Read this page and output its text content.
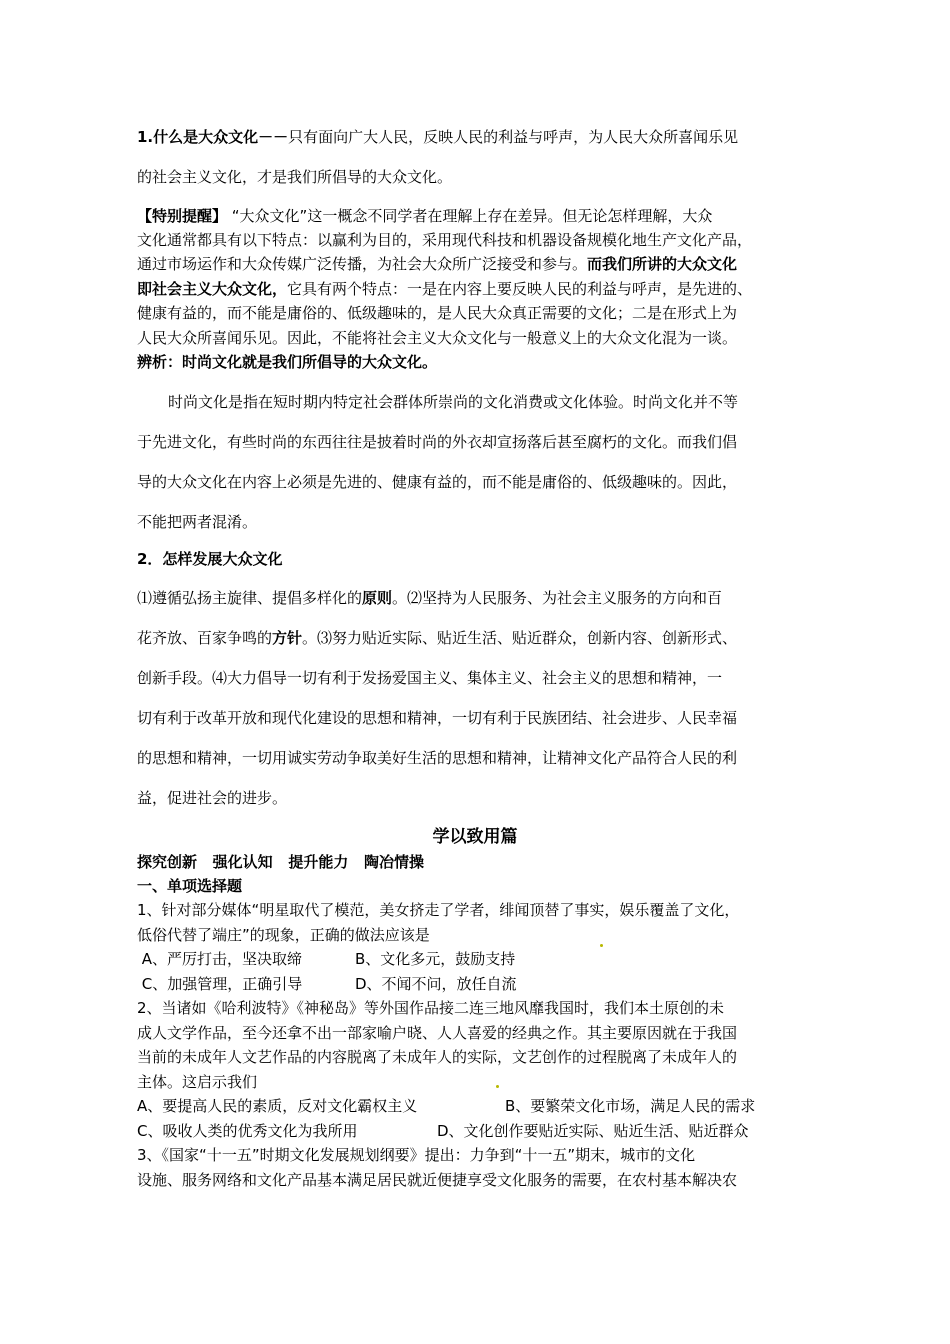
1.什么是大众文化－－只有面向广大人民，反映人民的利益与呼声，为人民大众所喜闻乐见
的社会主义文化，才是我们所倡导的大众文化。
【特别提醒】 “大众文化”这一概念不同学者在理解上存在差异。但无论怎样理解，大众
文化通常都具有以下特点：以赢利为目的，采用现代科技和机器设备规模化地生产文化产品，
通过市场运作和大众传媒广泛传播，为社会大众所广泛接受和参与。而我们所讲的大众文化
即社会主义大众文化，它具有两个特点：一是在内容上要反映人民的利益与呼声，是先进的、
健康有益的，而不能是庸俗的、低级趣味的，是人民大众真正需要的文化；二是在形式上为
人民大众所喜闻乐见。因此，不能将社会主义大众文化与一般意义上的大众文化混为一谈。
辨析：时尚文化就是我们所倡导的大众文化。
时尚文化是指在短时期内特定社会群体所崇尚的文化消费或文化体验。时尚文化并不等
于先进文化，有些时尚的东西往往是披着时尚的外衣却宣扬落后甚至腐朽的文化。而我们倡
导的大众文化在内容上必须是先进的、健康有益的，而不能是庸俗的、低级趣味的。因此，
不能把两者混淆。
2．怎样发展大众文化
⑴遵循弘扬主旋律、提倡多样化的原则。⑵坚持为人民服务、为社会主义服务的方向和百
花齐放、百家争鸣的方针。⑶努力贴近实际、贴近生活、贴近群众，创新内容、创新形式、
创新手段。⑷大力倡导一切有利于发扬爱国主义、集体主义、社会主义的思想和精神，一
切有利于改革开放和现代化建设的思想和精神，一切有利于民族团结、社会进步、人民幸福
的思想和精神，一切用诚实劳动争取美好生活的思想和精神，让精神文化产品符合人民的利
益，促进社会的进步。
学以致用篇
探究创新   强化认知   提升能力   陶冶情操
一、单项选择题
1、针对部分媒体“明星取代了模范，美女挤走了学者，绯闻顶替了事实，娱乐覆盖了文化，
低俗代替了端庄”的现象，正确的做法应该是
A、严厉打击，坚决取缔	B、文化多元，鼓励支持
C、加强管理，正确引导	D、不闻不问，放任自流
2、当诸如《哈利波特》《神秘岛》等外国作品接二连三地风靡我国时，我们本土原创的未
成人文学作品，至今还拿不出一部家喻户晓、人人喜爱的经典之作。其主要原因就在于我国
当前的未成年人文艺作品的内容脱离了未成年人的实际，文艺创作的过程脱离了未成年人的
主体。这启示我们
A、要提高人民的素质，反对文化霸权主义	B、要繁荣文化市场，满足人民的需求
C、吸收人类的优秀文化为我所用	D、文化创作要贴近实际、贴近生活、贴近群众
3、《国家“十一五”时期文化发展规划纲要》提出：力争到“十一五”期末，城市的文化
设施、服务网络和文化产品基本满足居民就近便捷享受文化服务的需要，在农村基本解决农
